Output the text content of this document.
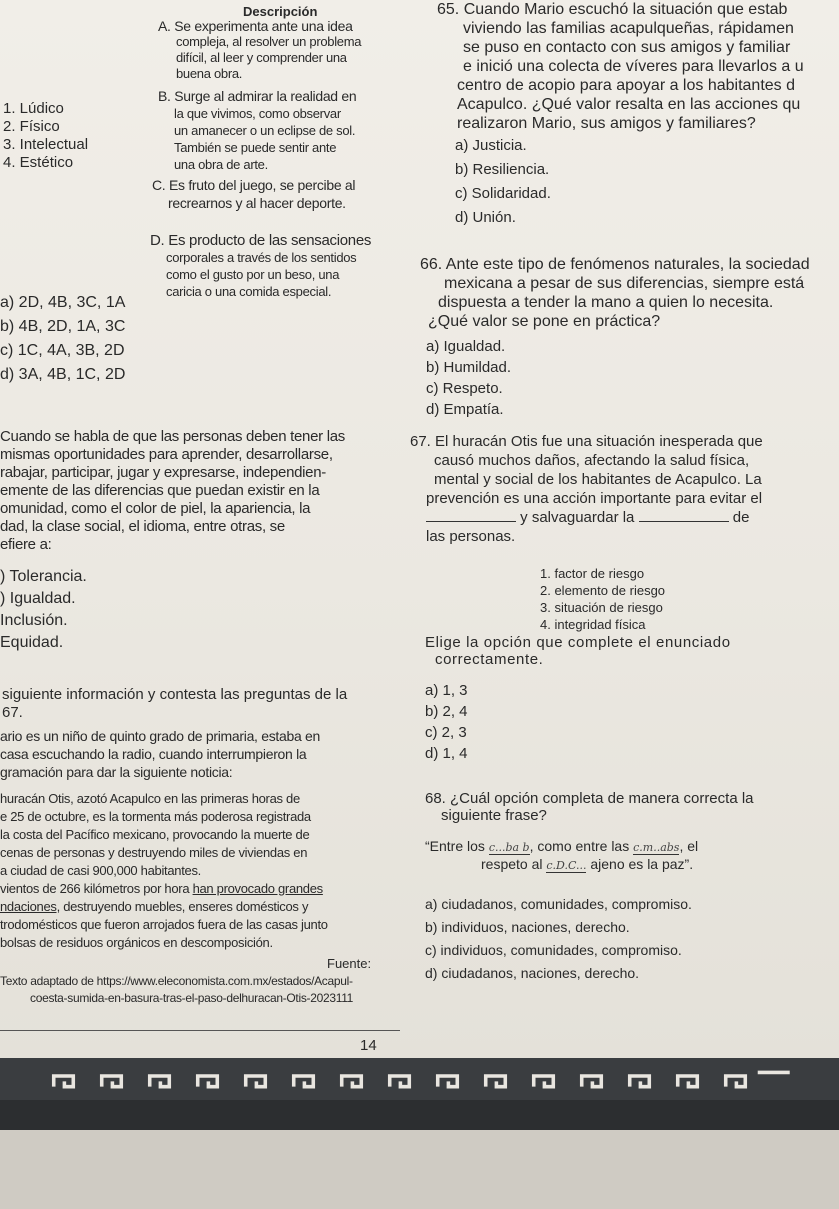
Descripción
A. Se experimenta ante una idea
compleja, al resolver un problema
difícil, al leer y comprender una
buena obra.
B. Surge al admirar la realidad en
la que vivimos, como observar
un amanecer o un eclipse de sol.
También se puede sentir ante
una obra de arte.
C. Es fruto del juego, se percibe al
recrearnos y al hacer deporte.
D. Es producto de las sensaciones
corporales a través de los sentidos
como el gusto por un beso, una
caricia o una comida especial.
1. Lúdico
2. Físico
3. Intelectual
4. Estético
a) 2D, 4B, 3C, 1A
b) 4B, 2D, 1A, 3C
c) 1C, 4A, 3B, 2D
d) 3A, 4B, 1C, 2D
Cuando se habla de que las personas deben tener las
mismas oportunidades para aprender, desarrollarse,
rabajar, participar, jugar y expresarse, independien-
emente de las diferencias que puedan existir en la
omunidad, como el color de piel, la apariencia, la
dad, la clase social, el idioma, entre otras, se
efiere a:
) Tolerancia.
) Igualdad.
Inclusión.
Equidad.
siguiente información y contesta las preguntas de la
67.
ario es un niño de quinto grado de primaria, estaba en
casa escuchando la radio, cuando interrumpieron la
gramación para dar la siguiente noticia:
huracán Otis, azotó Acapulco en las primeras horas de
e 25 de octubre, es la tormenta más poderosa registrada
la costa del Pacífico mexicano, provocando la muerte de
cenas de personas y destruyendo miles de viviendas en
a ciudad de casi 900,000 habitantes.
vientos de 266 kilómetros por hora han provocado grandes
ndaciones, destruyendo muebles, enseres domésticos y
trodomésticos que fueron arrojados fuera de las casas junto
bolsas de residuos orgánicos en descomposición.
Fuente:
Texto adaptado de https://www.eleconomista.com.mx/estados/Acapul-
coesta-sumida-en-basura-tras-el-paso-delhuracan-Otis-2023111
14
65. Cuando Mario escuchó la situación que estab
viviendo las familias acapulqueñas, rápidamen
se puso en contacto con sus amigos y familiar
e inició una colecta de víveres para llevarlos a u
centro de acopio para apoyar a los habitantes d
Acapulco. ¿Qué valor resalta en las acciones qu
realizaron Mario, sus amigos y familiares?
a) Justicia.
b) Resiliencia.
c) Solidaridad.
d) Unión.
66. Ante este tipo de fenómenos naturales, la sociedad
mexicana a pesar de sus diferencias, siempre está
dispuesta a tender la mano a quien lo necesita.
¿Qué valor se pone en práctica?
a) Igualdad.
b) Humildad.
c) Respeto.
d) Empatía.
67. El huracán Otis fue una situación inesperada que
causó muchos daños, afectando la salud física,
mental y social de los habitantes de Acapulco. La
prevención es una acción importante para evitar el
y salvaguardar la	de
las personas.
1. factor de riesgo
2. elemento de riesgo
3. situación de riesgo
4. integridad física
Elige la opción que complete el enunciado
correctamente.
a) 1, 3
b) 2, 4
c) 2, 3
d) 1, 4
68. ¿Cuál opción completa de manera correcta la
siguiente frase?
“Entre los c...ba b, como entre las c.m..abs, el
respeto al c.D.C... ajeno es la paz”.
a) ciudadanos, comunidades, compromiso.
b) individuos, naciones, derecho.
c) individuos, comunidades, compromiso.
d) ciudadanos, naciones, derecho.
